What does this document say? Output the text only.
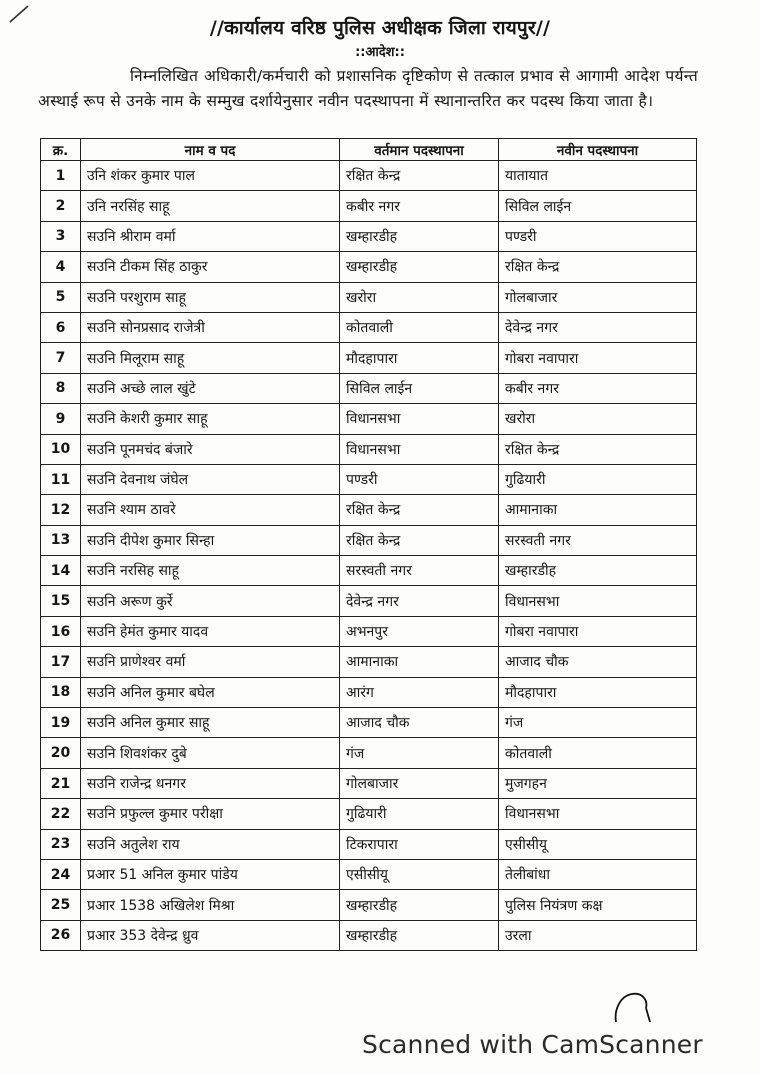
//कार्यालय वरिष्ठ पुलिस अधीक्षक जिला रायपुर//
::आदेश::
निम्नलिखित अधिकारी/कर्मचारी को प्रशासनिक दृष्टिकोण से तत्काल प्रभाव से आगामी आदेश पर्यन्त अस्थाई रूप से उनके नाम के सम्मुख दर्शायेनुसार नवीन पदस्थापना में स्थानान्तरित कर पदस्थ किया जाता है।
क्र.	नाम व पद	वर्तमान पदस्थापना	नवीन पदस्थापना
1	उनि शंकर कुमार पाल	रक्षित केन्द्र	यातायात
2	उनि नरसिंह साहू	कबीर नगर	सिविल लाईन
3	सउनि श्रीराम वर्मा	खम्हारडीह	पण्डरी
4	सउनि टीकम सिंह ठाकुर	खम्हारडीह	रक्षित केन्द्र
5	सउनि परशुराम साहू	खरोरा	गोलबाजार
6	सउनि सोनप्रसाद राजेत्री	कोतवाली	देवेन्द्र नगर
7	सउनि मिलूराम साहू	मौदहापारा	गोबरा नवापारा
8	सउनि अच्छे लाल खुंटे	सिविल लाईन	कबीर नगर
9	सउनि केशरी कुमार साहू	विधानसभा	खरोरा
10	सउनि पूनमचंद बंजारे	विधानसभा	रक्षित केन्द्र
11	सउनि देवनाथ जंघेल	पण्डरी	गुढियारी
12	सउनि श्याम ठावरे	रक्षित केन्द्र	आमानाका
13	सउनि दीपेश कुमार सिन्हा	रक्षित केन्द्र	सरस्वती नगर
14	सउनि नरसिह साहू	सरस्वती नगर	खम्हारडीह
15	सउनि अरूण कुर्रे	देवेन्द्र नगर	विधानसभा
16	सउनि हेमंत कुमार यादव	अभनपुर	गोबरा नवापारा
17	सउनि प्राणेश्वर वर्मा	आमानाका	आजाद चौक
18	सउनि अनिल कुमार बघेल	आरंग	मौदहापारा
19	सउनि अनिल कुमार साहू	आजाद चौक	गंज
20	सउनि शिवशंकर दुबे	गंज	कोतवाली
21	सउनि राजेन्द्र धनगर	गोलबाजार	मुजगहन
22	सउनि प्रफुल्ल कुमार परीक्षा	गुढियारी	विधानसभा
23	सउनि अतुलेश राय	टिकरापारा	एसीसीयू
24	प्रआर 51 अनिल कुमार पांडेय	एसीसीयू	तेलीबांधा
25	प्रआर 1538 अखिलेश मिश्रा	खम्हारडीह	पुलिस नियंत्रण कक्ष
26	प्रआर 353 देवेन्द्र ध्रुव	खम्हारडीह	उरला
Scanned with CamScanner
